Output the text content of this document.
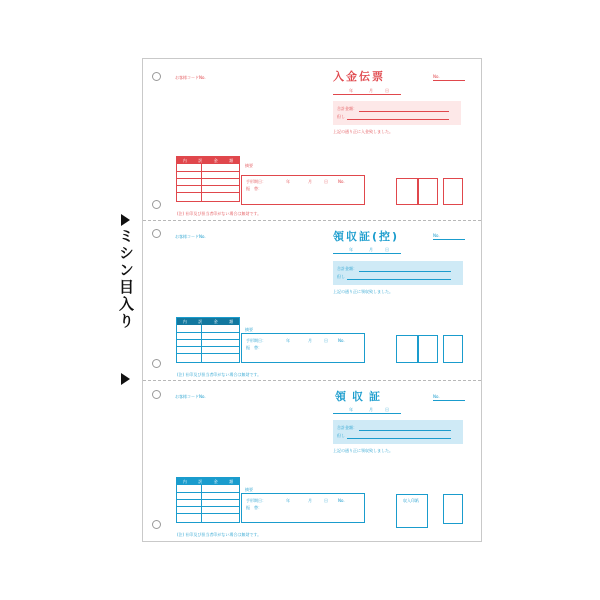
ミシン目入り
お客様コードNo.	入金伝票	No.
年	月	日
合計金額：
但し
上記の通り正に入金致しました。
内	訳	金	額
摘要
手形期日：	年	月	日	No.
振　替：
(注) 社印及び担当者印がない場合は無効です。
お客様コードNo.	領収証(控)	No.
年	月	日
合計金額：
但し
上記の通り正に領収致しました。
内	訳	金	額
摘要
手形期日：	年	月	日	No.
振　替：
(注) 社印及び担当者印がない場合は無効です。
お客様コードNo.	領収証	No.
年	月	日
合計金額：
但し
上記の通り正に領収致しました。
内	訳	金	額
摘要
手形期日：	年	月	日	No.
振　替：
収入印紙
(注) 社印及び担当者印がない場合は無効です。
